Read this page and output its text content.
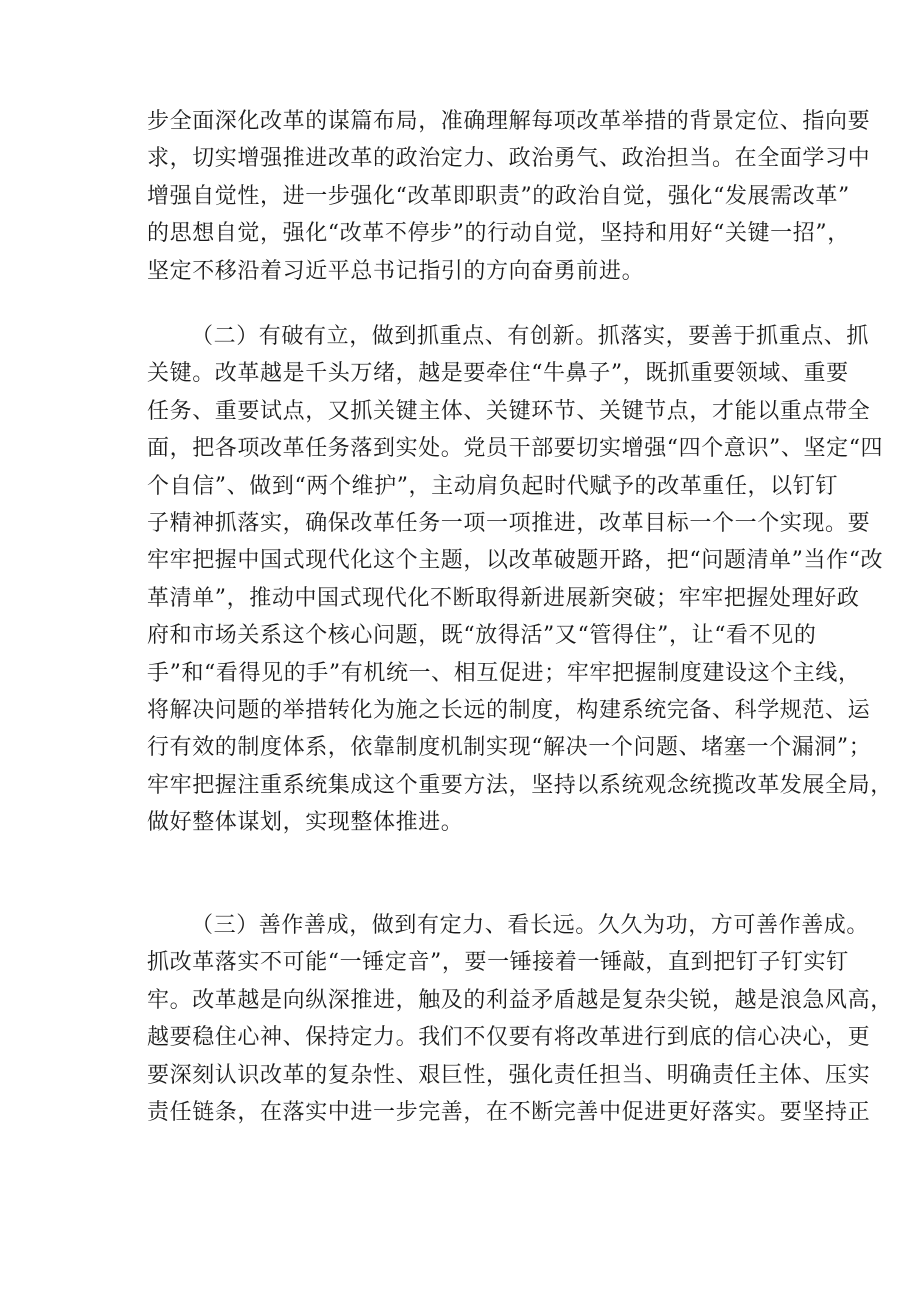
步全面深化改革的谋篇布局，准确理解每项改革举措的背景定位、指向要
求，切实增强推进改革的政治定力、政治勇气、政治担当。在全面学习中
增强自觉性，进一步强化“改革即职责”的政治自觉，强化“发展需改革”
的思想自觉，强化“改革不停步”的行动自觉，坚持和用好“关键一招”，
坚定不移沿着习近平总书记指引的方向奋勇前进。
（二）有破有立，做到抓重点、有创新。抓落实，要善于抓重点、抓
关键。改革越是千头万绪，越是要牵住“牛鼻子”，既抓重要领域、重要
任务、重要试点，又抓关键主体、关键环节、关键节点，才能以重点带全
面，把各项改革任务落到实处。党员干部要切实增强“四个意识”、坚定“四
个自信”、做到“两个维护”，主动肩负起时代赋予的改革重任，以钉钉
子精神抓落实，确保改革任务一项一项推进，改革目标一个一个实现。要
牢牢把握中国式现代化这个主题，以改革破题开路，把“问题清单”当作“改
革清单”，推动中国式现代化不断取得新进展新突破；牢牢把握处理好政
府和市场关系这个核心问题，既“放得活”又“管得住”，让“看不见的
手”和“看得见的手”有机统一、相互促进；牢牢把握制度建设这个主线，
将解决问题的举措转化为施之长远的制度，构建系统完备、科学规范、运
行有效的制度体系，依靠制度机制实现“解决一个问题、堵塞一个漏洞”；
牢牢把握注重系统集成这个重要方法，坚持以系统观念统揽改革发展全局，
做好整体谋划，实现整体推进。
（三）善作善成，做到有定力、看长远。久久为功，方可善作善成。
抓改革落实不可能“一锤定音”，要一锤接着一锤敲，直到把钉子钉实钉
牢。改革越是向纵深推进，触及的利益矛盾越是复杂尖锐，越是浪急风高，
越要稳住心神、保持定力。我们不仅要有将改革进行到底的信心决心，更
要深刻认识改革的复杂性、艰巨性，强化责任担当、明确责任主体、压实
责任链条，在落实中进一步完善，在不断完善中促进更好落实。要坚持正
